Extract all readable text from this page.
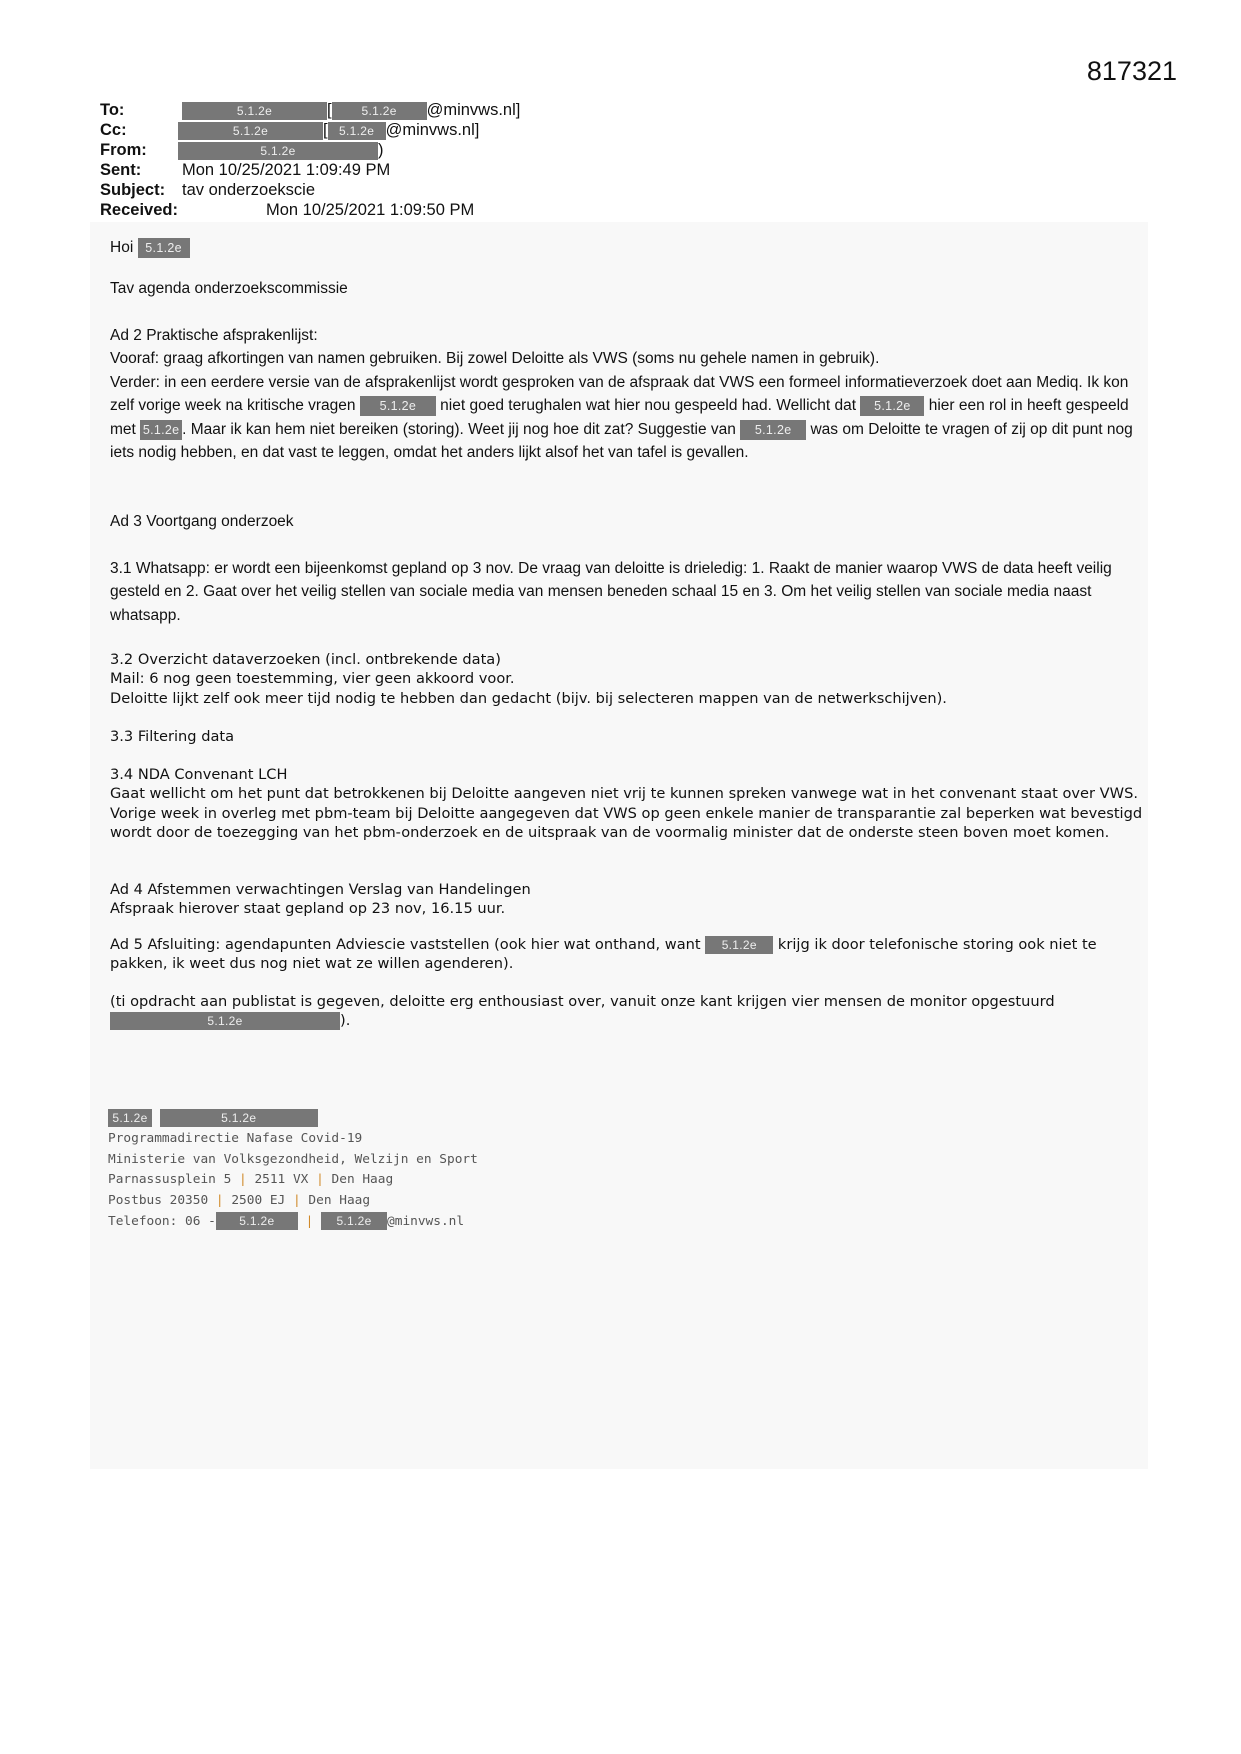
817321
To:	5.1.2e	[ 5.1.2e @minvws.nl]
Cc:	5.1.2e	[ 5.1.2e @minvws.nl]
From:	5.1.2e	)
Sent: Mon 10/25/2021 1:09:49 PM
Subject: tav onderzoekscie
Received:	Mon 10/25/2021 1:09:50 PM
Hoi 5.1.2e
Tav agenda onderzoekscommissie

Ad 2 Praktische afsprakenlijst:

Vooraf: graag afkortingen van namen gebruiken. Bij zowel Deloitte als VWS (soms nu gehele namen in gebruik).

Verder: in een eerdere versie van de afsprakenlijst wordt gesproken van de afspraak dat VWS een formeel informatieverzoek doet aan Mediq. Ik kon zelf vorige week na kritische vragen 5.1.2e niet goed terughalen wat hier nou gespeeld had. Wellicht dat 5.1.2e hier een rol in heeft gespeeld met 5.1.2e . Maar ik kan hem niet bereiken (storing). Weet jij nog hoe dit zat? Suggestie van 5.1.2e was om Deloitte te vragen of zij op dit punt nog iets nodig hebben, en dat vast te leggen, omdat het anders lijkt alsof het van tafel is gevallen.

Ad 3 Voortgang onderzoek
3.1 Whatsapp: er wordt een bijeenkomst gepland op 3 nov. De vraag van deloitte is drieledig: 1. Raakt de manier waarop VWS de data heeft veilig gesteld en 2. Gaat over het veilig stellen van sociale media van mensen beneden schaal 15 en 3. Om het veilig stellen van sociale media naast whatsapp.

3.2 Overzicht dataverzoeken (incl. ontbrekende data)

Mail: 6 nog geen toestemming, vier geen akkoord voor.

Deloitte lijkt zelf ook meer tijd nodig te hebben dan gedacht (bijv. bij selecteren mappen van de netwerkschijven).

3.3 Filtering data

3.4 NDA Convenant LCH

Gaat wellicht om het punt dat betrokkenen bij Deloitte aangeven niet vrij te kunnen spreken vanwege wat in het convenant staat over VWS. Vorige week in overleg met pbm-team bij Deloitte aangegeven dat VWS op geen enkele manier de transparantie zal beperken wat bevestigd wordt door de toezegging van het pbm-onderzoek en de uitspraak van de voormalig minister dat de onderste steen boven moet komen.

Ad 4 Afstemmen verwachtingen Verslag van Handelingen

Afspraak hierover staat gepland op 23 nov, 16.15 uur.

Ad 5 Afsluiting: agendapunten Adviescie vaststellen (ook hier wat onthand, want 5.1.2e krijg ik door telefonische storing ook niet te pakken, ik weet dus nog niet wat ze willen agenderen).

(ti opdracht aan publistat is gegeven, deloitte erg enthousiast over, vanuit onze kant krijgen vier mensen de monitor opgestuurd 5.1.2e	).

5.1.2e	5.1.2e
Programmadirectie Nafase Covid-19
Ministerie van Volksgezondheid, Welzijn en Sport
Parnassusplein 5 | 2511 VX | Den Haag
Postbus 20350 | 2500 EJ | Den Haag
Telefoon: 06 - 5.1.2e | 5.1.2e @minvws.nl
